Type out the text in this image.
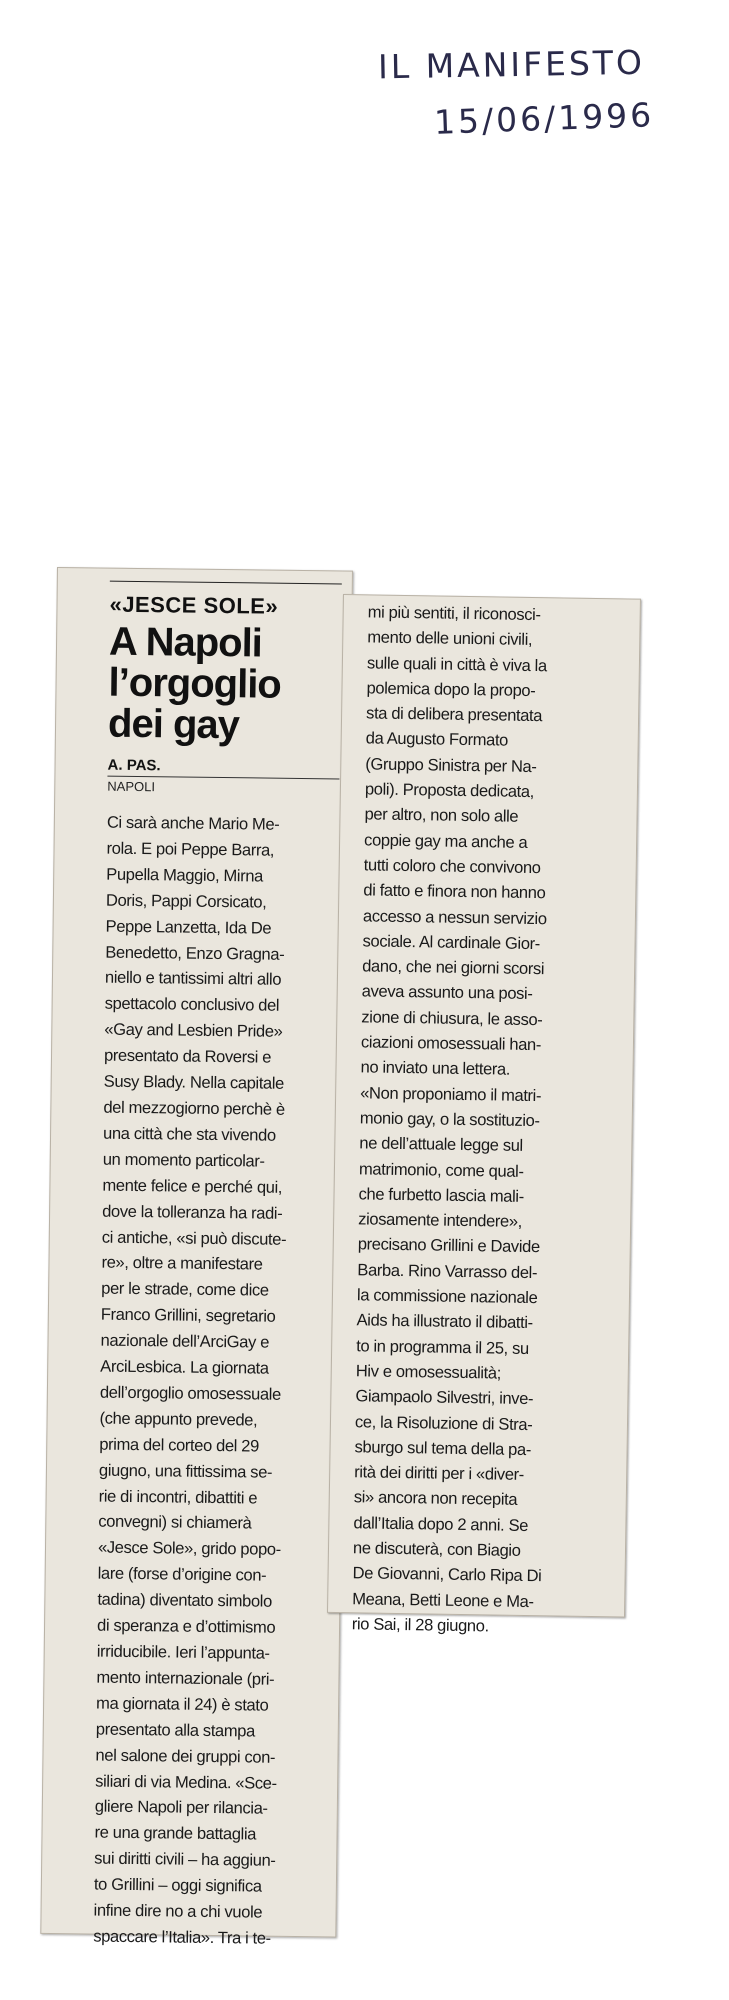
IL MANIFESTO
15/06/1996
«JESCE SOLE»
A Napoli
l’orgoglio
dei gay
A. PAS.
NAPOLI

Ci sarà anche Mario Me-
rola. E poi Peppe Barra,
Pupella Maggio, Mirna
Doris, Pappi Corsicato,
Peppe Lanzetta, Ida De
Benedetto, Enzo Gragna-
niello e tantissimi altri allo
spettacolo conclusivo del
«Gay and Lesbien Pride»
presentato da Roversi e
Susy Blady. Nella capitale
del mezzogiorno perchè è
una città che sta vivendo
un momento particolar-
mente felice e perché qui,
dove la tolleranza ha radi-
ci antiche, «si può discute-
re», oltre a manifestare
per le strade, come dice
Franco Grillini, segretario
nazionale dell’ArciGay e
ArciLesbica. La giornata
dell’orgoglio omosessuale
(che appunto prevede,
prima del corteo del 29
giugno, una fittissima se-
rie di incontri, dibattiti e
convegni) si chiamerà
«Jesce Sole», grido popo-
lare (forse d’origine con-
tadina) diventato simbolo
di speranza e d’ottimismo
irriducibile. Ieri l’appunta-
mento internazionale (pri-
ma giornata il 24) è stato
presentato alla stampa
nel salone dei gruppi con-
siliari di via Medina. «Sce-
gliere Napoli per rilancia-
re una grande battaglia
sui diritti civili – ha aggiun-
to Grillini – oggi significa
infine dire no a chi vuole
spaccare l’Italia». Tra i te-

mi più sentiti, il riconosci-
mento delle unioni civili,
sulle quali in città è viva la
polemica dopo la propo-
sta di delibera presentata
da Augusto Formato
(Gruppo Sinistra per Na-
poli). Proposta dedicata,
per altro, non solo alle
coppie gay ma anche a
tutti coloro che convivono
di fatto e finora non hanno
accesso a nessun servizio
sociale. Al cardinale Gior-
dano, che nei giorni scorsi
aveva assunto una posi-
zione di chiusura, le asso-
ciazioni omosessuali han-
no inviato una lettera.
«Non proponiamo il matri-
monio gay, o la sostituzio-
ne dell’attuale legge sul
matrimonio, come qual-
che furbetto lascia mali-
ziosamente intendere»,
precisano Grillini e Davide
Barba. Rino Varrasso del-
la commissione nazionale
Aids ha illustrato il dibatti-
to in programma il 25, su
Hiv e omosessualità;
Giampaolo Silvestri, inve-
ce, la Risoluzione di Stra-
sburgo sul tema della pa-
rità dei diritti per i «diver-
si» ancora non recepita
dall’Italia dopo 2 anni. Se
ne discuterà, con Biagio
De Giovanni, Carlo Ripa Di
Meana, Betti Leone e Ma-
rio Sai, il 28 giugno.
